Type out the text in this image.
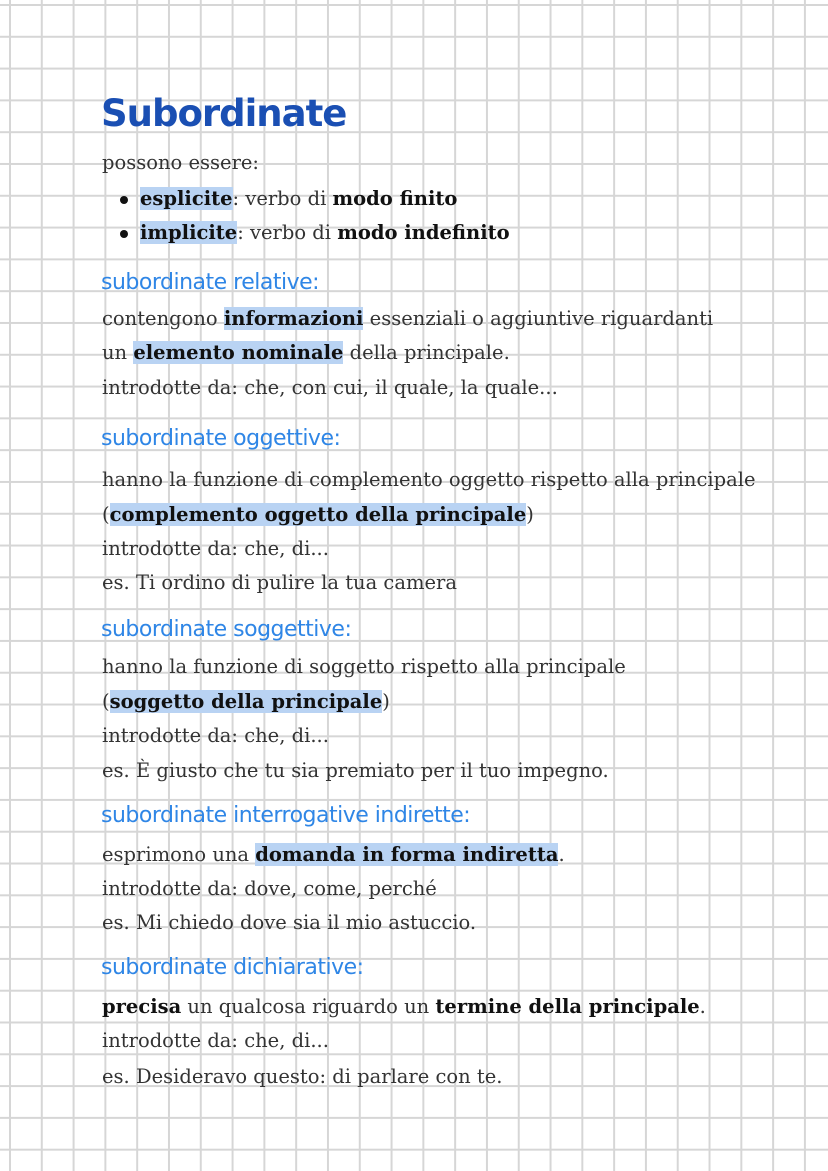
Subordinate
possono essere:
esplicite: verbo di modo finito
implicite: verbo di modo indefinito
subordinate relative:
contengono informazioni essenziali o aggiuntive riguardanti
un elemento nominale della principale.
introdotte da: che, con cui, il quale, la quale...
subordinate oggettive:
hanno la funzione di complemento oggetto rispetto alla principale
(complemento oggetto della principale)
introdotte da: che, di...
es. Ti ordino di pulire la tua camera
subordinate soggettive:
hanno la funzione di soggetto rispetto alla principale
(soggetto della principale)
introdotte da: che, di...
es. È giusto che tu sia premiato per il tuo impegno.
subordinate interrogative indirette:
esprimono una domanda in forma indiretta.
introdotte da: dove, come, perché
es. Mi chiedo dove sia il mio astuccio.
subordinate dichiarative:
precisa un qualcosa riguardo un termine della principale.
introdotte da: che, di...
es. Desideravo questo: di parlare con te.
